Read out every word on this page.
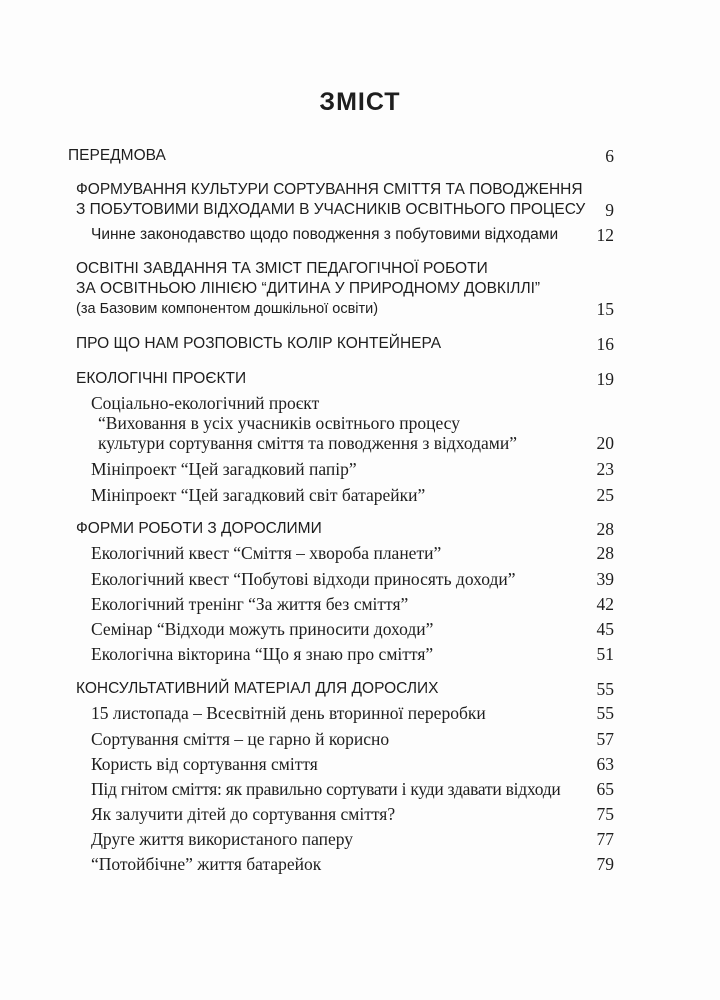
ЗМІСТ
ПЕРЕДМОВА	6
ФОРМУВАННЯ КУЛЬТУРИ СОРТУВАННЯ СМІТТЯ ТА ПОВОДЖЕННЯ
З ПОБУТОВИМИ ВІДХОДАМИ В УЧАСНИКІВ ОСВІТНЬОГО ПРОЦЕСУ 9
Чинне законодавство щодо поводження з побутовими відходами 12
ОСВІТНІ ЗАВДАННЯ ТА ЗМІСТ ПЕДАГОГІЧНОЇ РОБОТИ
ЗА ОСВІТНЬОЮ ЛІНІЄЮ “ДИТИНА У ПРИРОДНОМУ ДОВКІЛЛІ”
(за Базовим компонентом дошкільної освіти)	15
ПРО ЩО НАМ РОЗПОВІСТЬ КОЛІР КОНТЕЙНЕРА	16
ЕКОЛОГІЧНІ ПРОЄКТИ	19
Соціально-екологічний проєкт
“Виховання в усіх учасників освітнього процесу
культури сортування сміття та поводження з відходами”	20
Мініпроект “Цей загадковий папір”	23
Мініпроект “Цей загадковий світ батарейки”	25
ФОРМИ РОБОТИ З ДОРОСЛИМИ	28
Екологічний квест “Сміття – хвороба планети”	28
Екологічний квест “Побутові відходи приносять доходи”	39
Екологічний тренінг “За життя без сміття”	42
Семінар “Відходи можуть приносити доходи”	45
Екологічна вікторина “Що я знаю про сміття”	51
КОНСУЛЬТАТИВНИЙ МАТЕРІАЛ ДЛЯ ДОРОСЛИХ	55
15 листопада – Всесвітній день вторинної переробки	55
Сортування сміття – це гарно й корисно	57
Користь від сортування сміття	63
Під гнітом сміття: як правильно сортувати і куди здавати відходи 65
Як залучити дітей до сортування сміття?	75
Друге життя використаного паперу	77
“Потойбічне” життя батарейок	79
